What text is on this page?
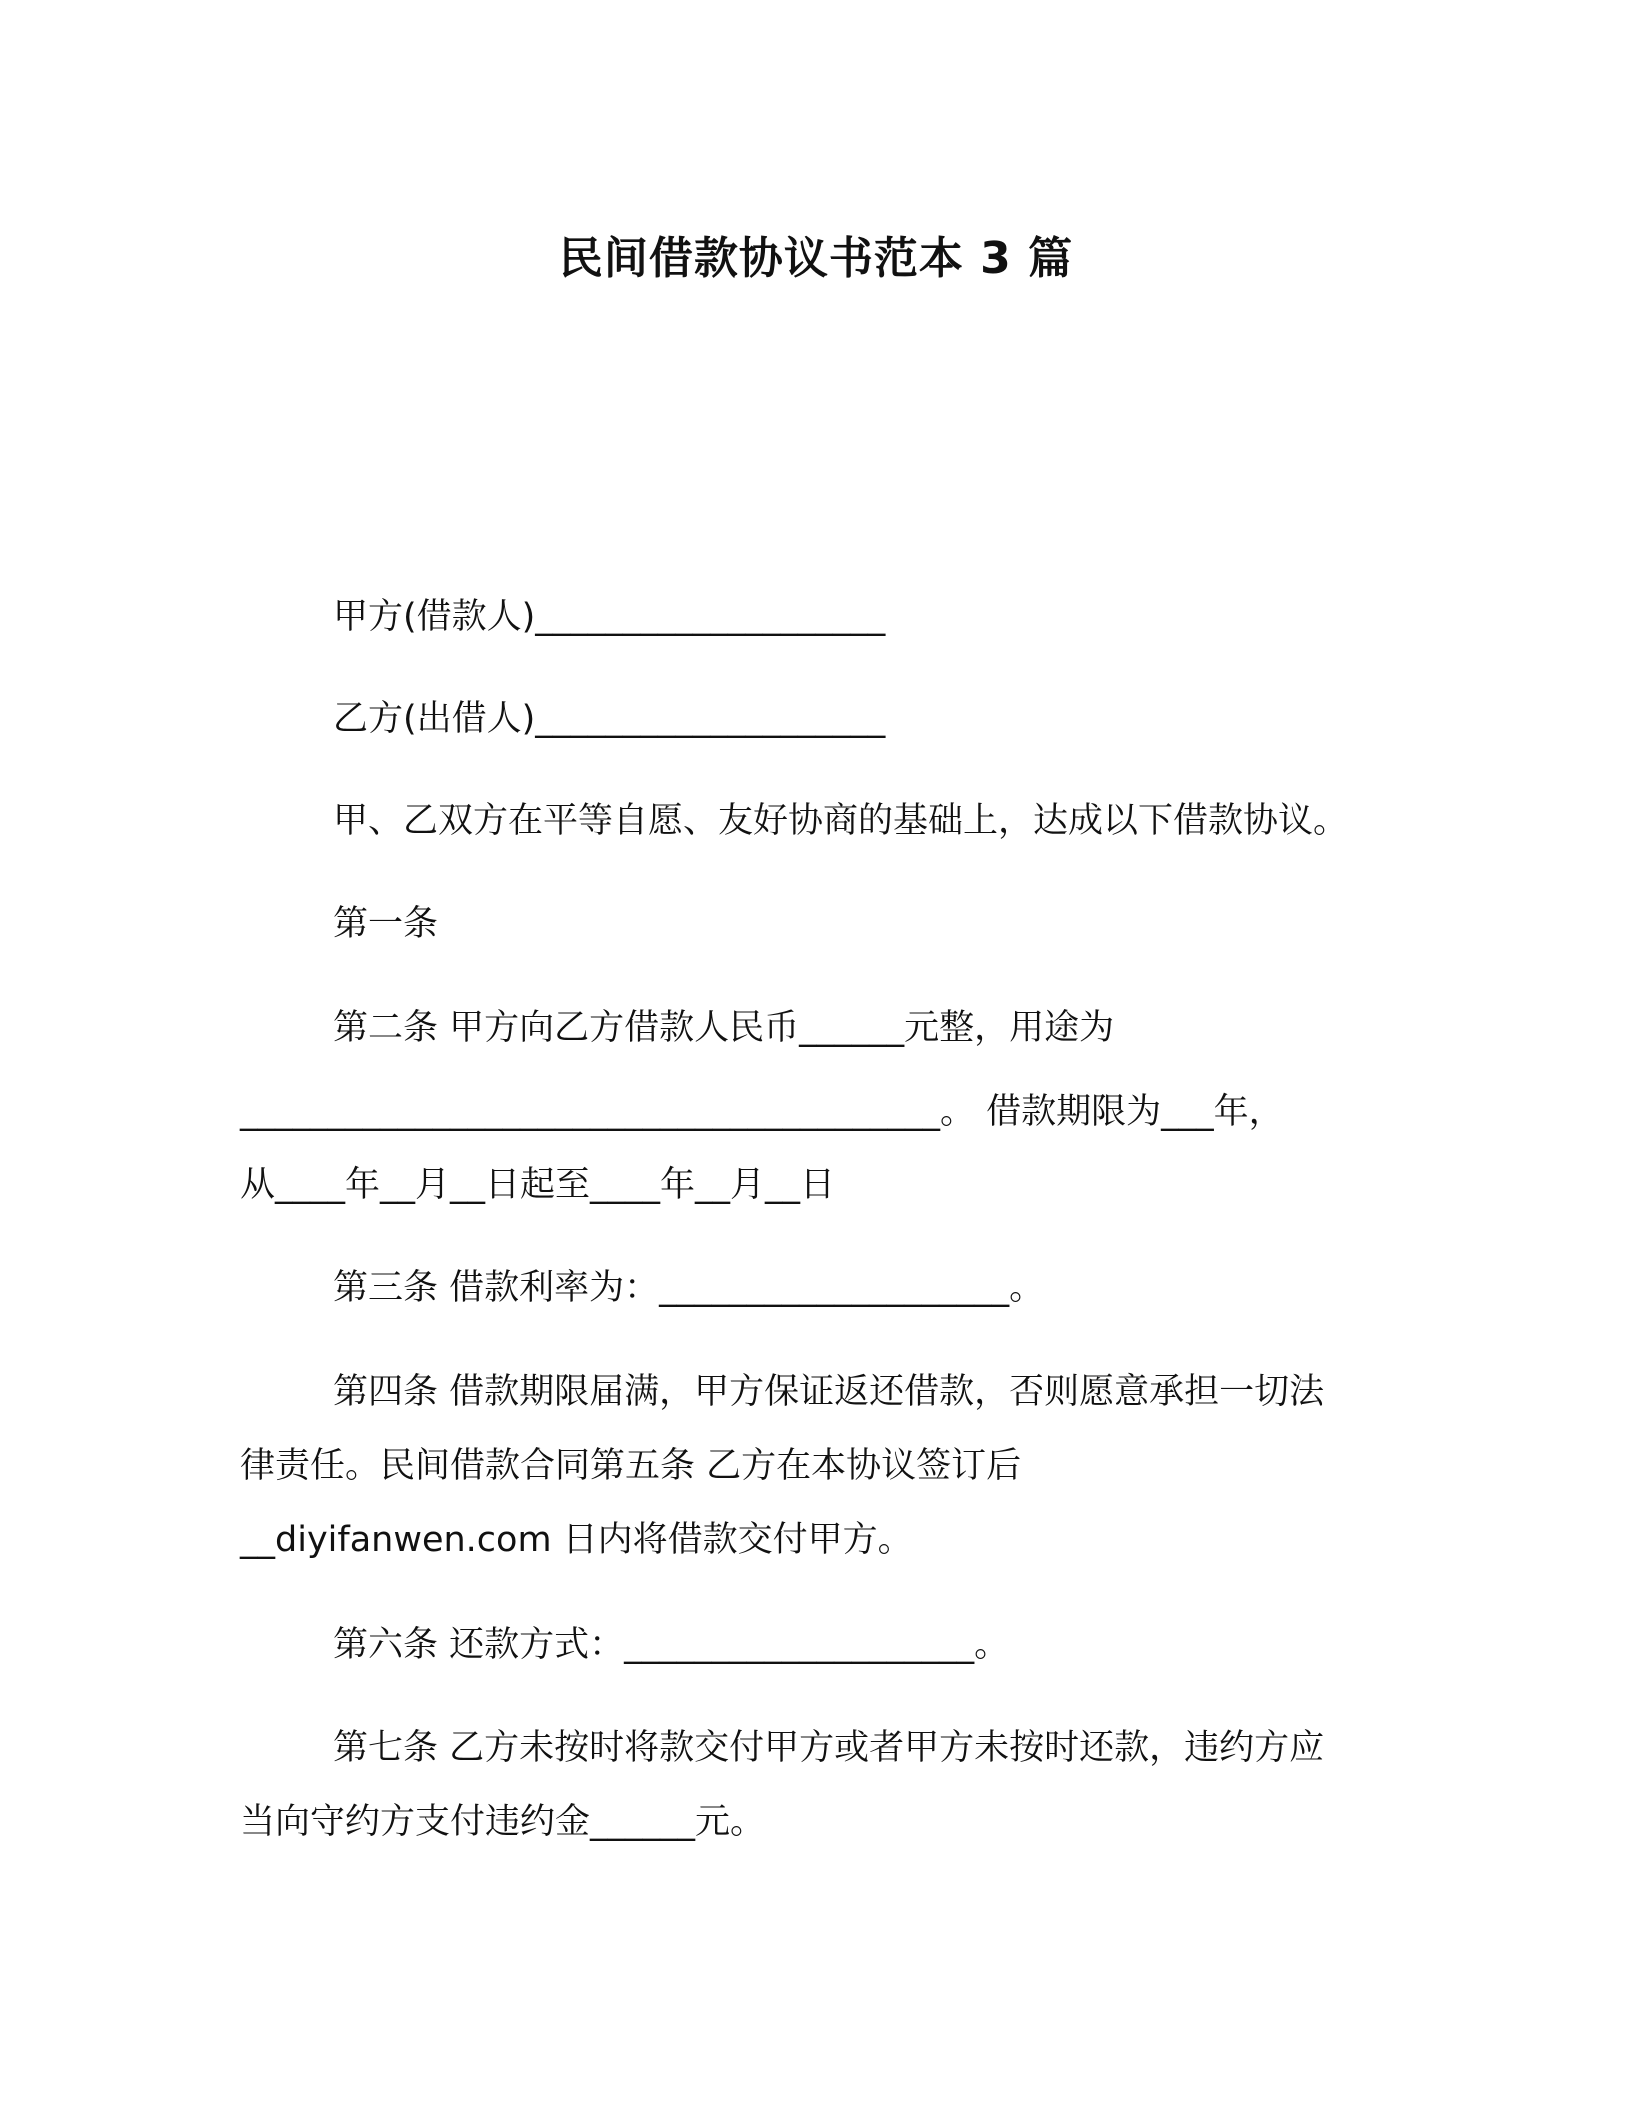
民间借款协议书范本 3 篇
甲方(借款人)____________________
乙方(出借人)____________________
甲、乙双方在平等自愿、友好协商的基础上，达成以下借款协议。
第一条
第二条 甲方向乙方借款人民币______元整，用途为
________________________________________。 借款期限为___年，
从____年__月__日起至____年__月__日
第三条 借款利率为：____________________。
第四条 借款期限届满，甲方保证返还借款，否则愿意承担一切法
律责任。民间借款合同第五条 乙方在本协议签订后
__diyifanwen.com 日内将借款交付甲方。
第六条 还款方式：____________________。
第七条 乙方未按时将款交付甲方或者甲方未按时还款，违约方应
当向守约方支付违约金______元。
